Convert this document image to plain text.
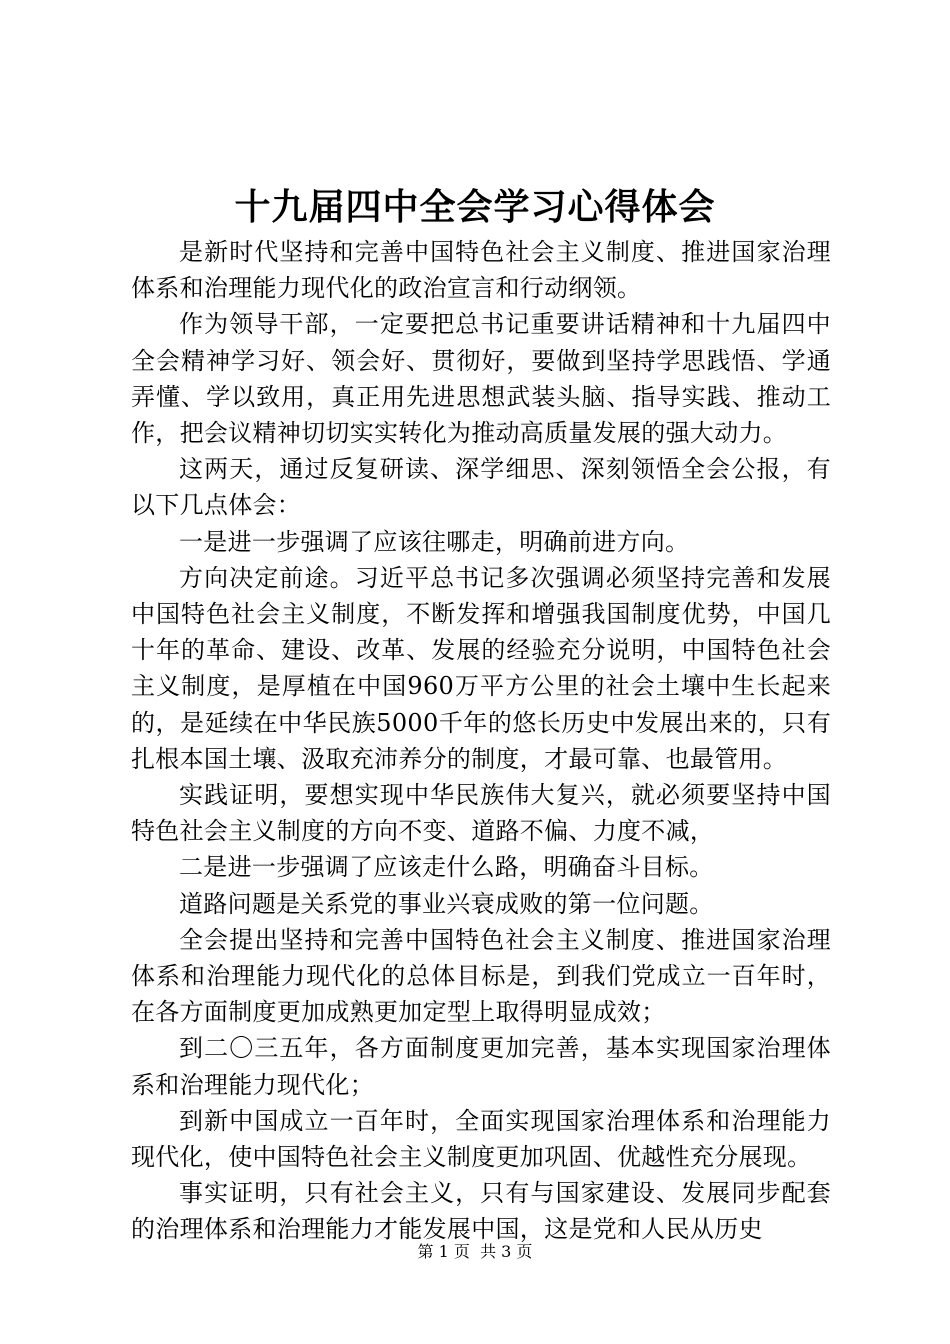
十九届四中全会学习心得体会

是新时代坚持和完善中国特色社会主义制度、推进国家治理体系和治理能力现代化的政治宣言和行动纲领。

作为领导干部，一定要把总书记重要讲话精神和十九届四中全会精神学习好、领会好、贯彻好，要做到坚持学思践悟、学通弄懂、学以致用，真正用先进思想武装头脑、指导实践、推动工作，把会议精神切切实实转化为推动高质量发展的强大动力。

这两天，通过反复研读、深学细思、深刻领悟全会公报，有以下几点体会：

一是进一步强调了应该往哪走，明确前进方向。

方向决定前途。习近平总书记多次强调必须坚持完善和发展中国特色社会主义制度，不断发挥和增强我国制度优势，中国几十年的革命、建设、改革、发展的经验充分说明，中国特色社会主义制度，是厚植在中国960万平方公里的社会土壤中生长起来的，是延续在中华民族5000千年的悠长历史中发展出来的，只有扎根本国土壤、汲取充沛养分的制度，才最可靠、也最管用。

实践证明，要想实现中华民族伟大复兴，就必须要坚持中国特色社会主义制度的方向不变、道路不偏、力度不减，

二是进一步强调了应该走什么路，明确奋斗目标。

道路问题是关系党的事业兴衰成败的第一位问题。

全会提出坚持和完善中国特色社会主义制度、推进国家治理体系和治理能力现代化的总体目标是，到我们党成立一百年时，在各方面制度更加成熟更加定型上取得明显成效；

到二〇三五年，各方面制度更加完善，基本实现国家治理体系和治理能力现代化；

到新中国成立一百年时，全面实现国家治理体系和治理能力现代化，使中国特色社会主义制度更加巩固、优越性充分展现。

事实证明，只有社会主义，只有与国家建设、发展同步配套的治理体系和治理能力才能发展中国，这是党和人民从历史

第 1 页 共 3 页
